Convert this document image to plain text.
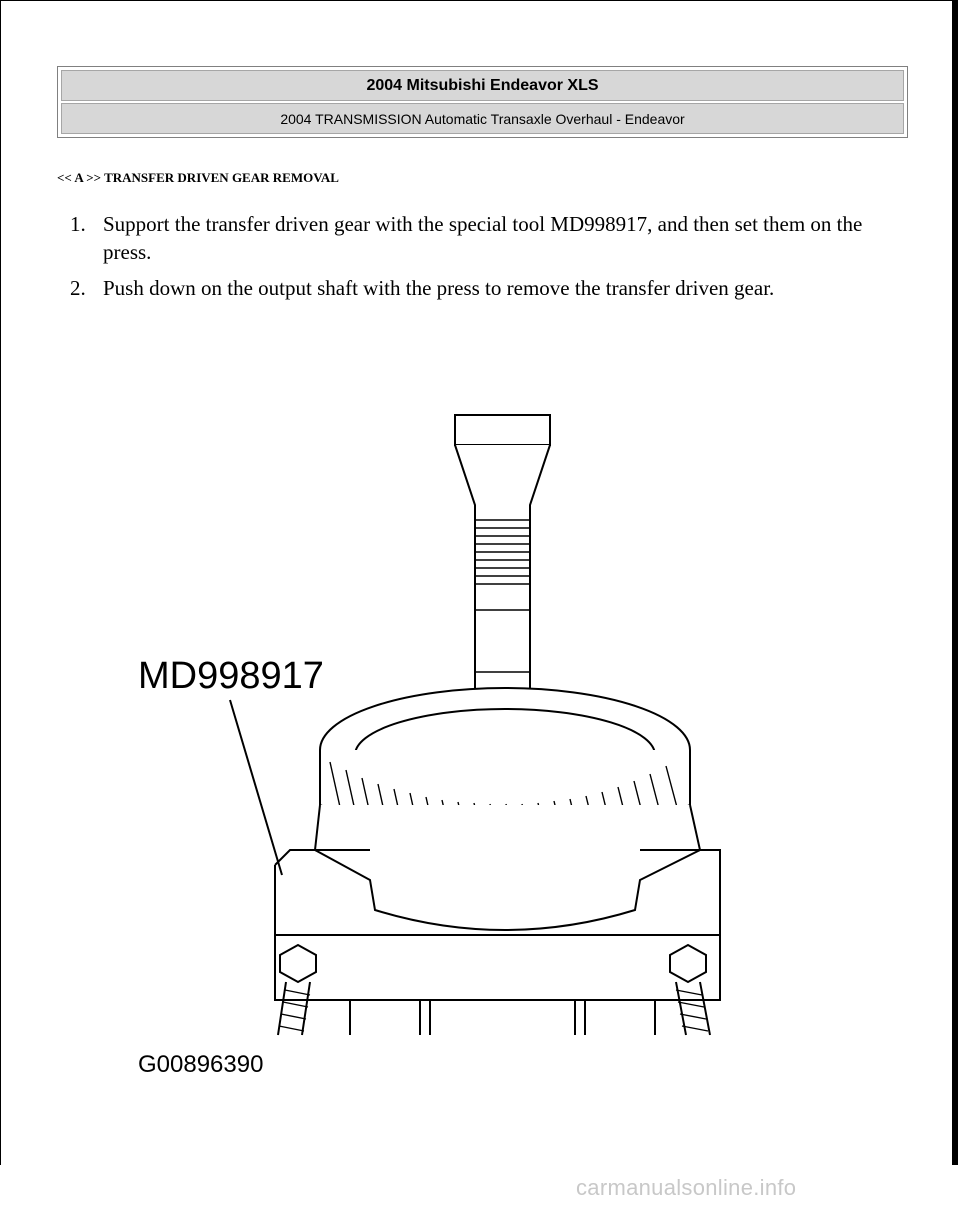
2004 Mitsubishi Endeavor XLS
2004 TRANSMISSION Automatic Transaxle Overhaul - Endeavor
<< A >> TRANSFER DRIVEN GEAR REMOVAL
1. Support the transfer driven gear with the special tool MD998917, and then set them on the press.
2. Push down on the output shaft with the press to remove the transfer driven gear.
MD998917
G00896390
carmanualsonline.info
